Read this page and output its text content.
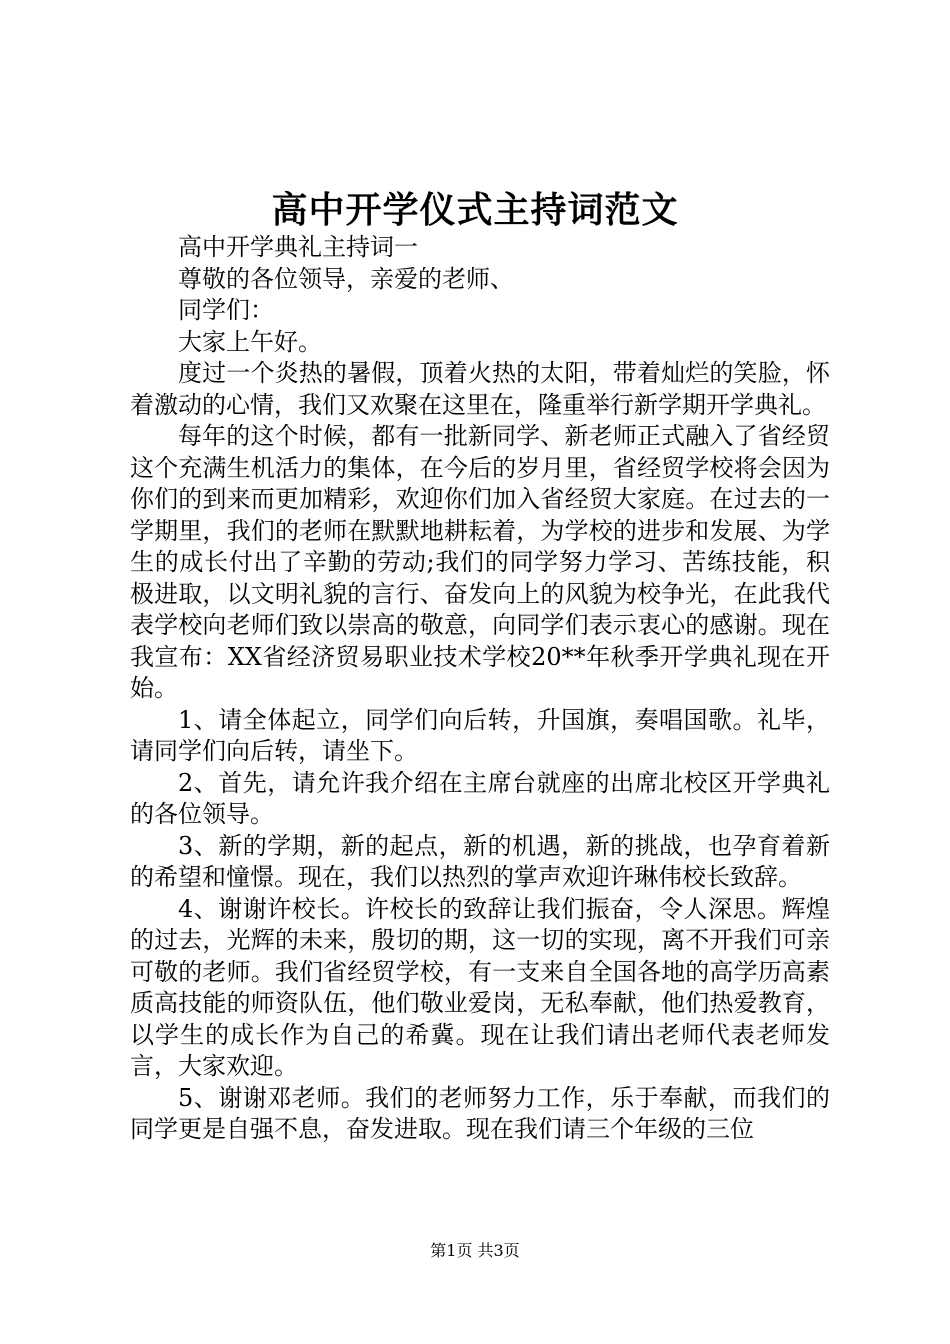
高中开学仪式主持词范文

高中开学典礼主持词一

尊敬的各位领导，亲爱的老师、

同学们：

大家上午好。

度过一个炎热的暑假，顶着火热的太阳，带着灿烂的笑脸，怀着激动的心情，我们又欢聚在这里在，隆重举行新学期开学典礼。

每年的这个时候，都有一批新同学、新老师正式融入了省经贸这个充满生机活力的集体，在今后的岁月里，省经贸学校将会因为你们的到来而更加精彩，欢迎你们加入省经贸大家庭。在过去的一学期里，我们的老师在默默地耕耘着，为学校的进步和发展、为学生的成长付出了辛勤的劳动;我们的同学努力学习、苦练技能，积极进取，以文明礼貌的言行、奋发向上的风貌为校争光，在此我代表学校向老师们致以崇高的敬意，向同学们表示衷心的感谢。现在我宣布：XX省经济贸易职业技术学校20**年秋季开学典礼现在开始。

1、请全体起立，同学们向后转，升国旗，奏唱国歌。礼毕，请同学们向后转，请坐下。

2、首先，请允许我介绍在主席台就座的出席北校区开学典礼的各位领导。

3、新的学期，新的起点，新的机遇，新的挑战，也孕育着新的希望和憧憬。现在，我们以热烈的掌声欢迎许琳伟校长致辞。

4、谢谢许校长。许校长的致辞让我们振奋，令人深思。辉煌的过去，光辉的未来，殷切的期，这一切的实现，离不开我们可亲可敬的老师。我们省经贸学校，有一支来自全国各地的高学历高素质高技能的师资队伍，他们敬业爱岗，无私奉献，他们热爱教育，以学生的成长作为自己的希冀。现在让我们请出老师代表老师发言，大家欢迎。

5、谢谢邓老师。我们的老师努力工作，乐于奉献，而我们的同学更是自强不息，奋发进取。现在我们请三个年级的三位

第1页 共3页
